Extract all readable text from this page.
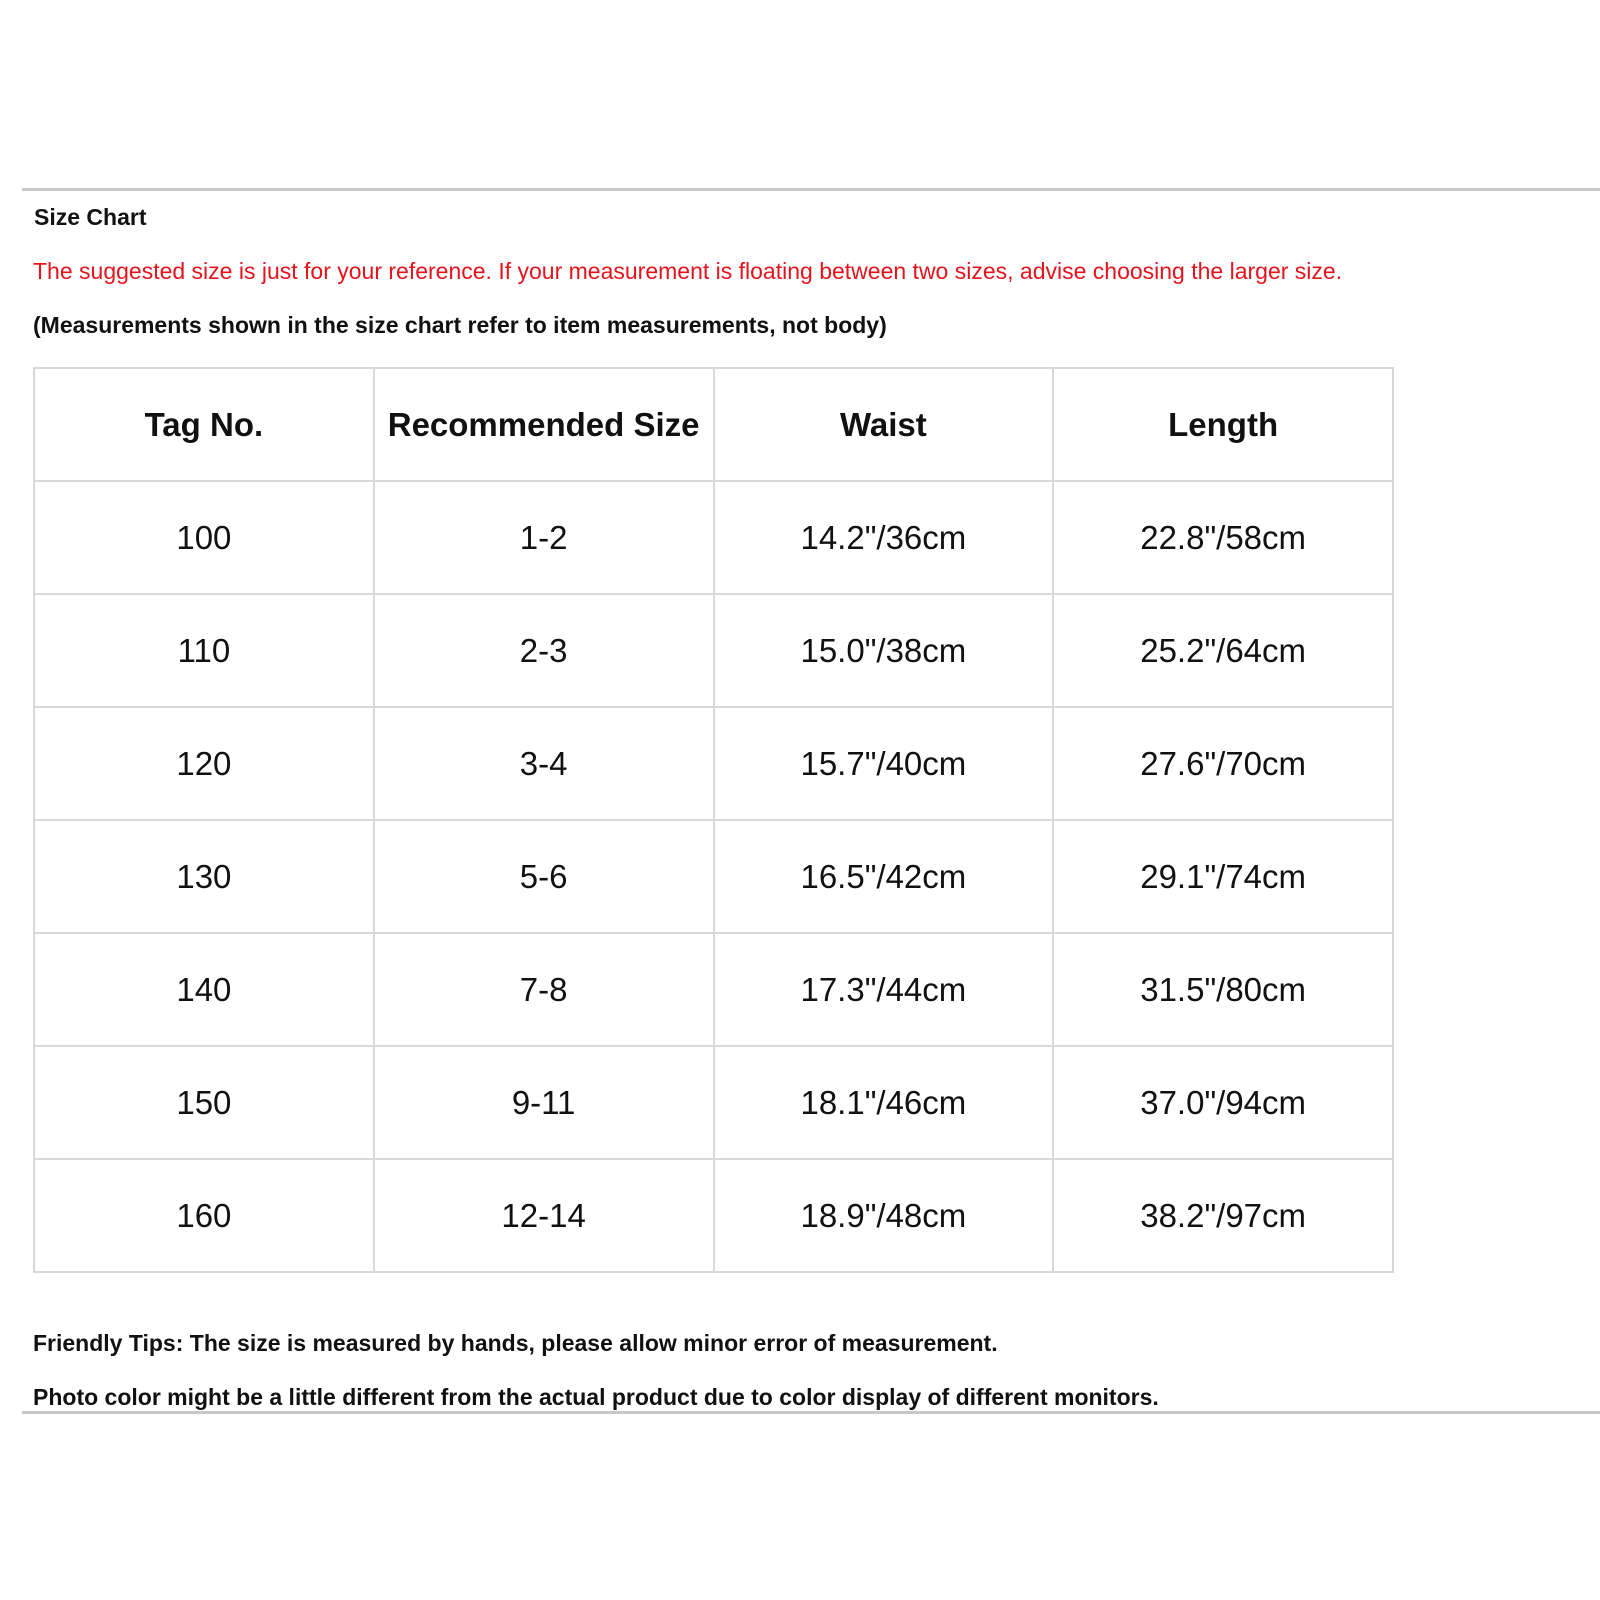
Size Chart
The suggested size is just for your reference. If your measurement is floating between two sizes, advise choosing the larger size.
(Measurements shown in the size chart refer to item measurements, not body)
Tag No.	Recommended Size	Waist	Length
100	1-2	14.2"/36cm	22.8"/58cm
110	2-3	15.0"/38cm	25.2"/64cm
120	3-4	15.7"/40cm	27.6"/70cm
130	5-6	16.5"/42cm	29.1"/74cm
140	7-8	17.3"/44cm	31.5"/80cm
150	9-11	18.1"/46cm	37.0"/94cm
160	12-14	18.9"/48cm	38.2"/97cm
Friendly Tips: The size is measured by hands, please allow minor error of measurement.
Photo color might be a little different from the actual product due to color display of different monitors.
